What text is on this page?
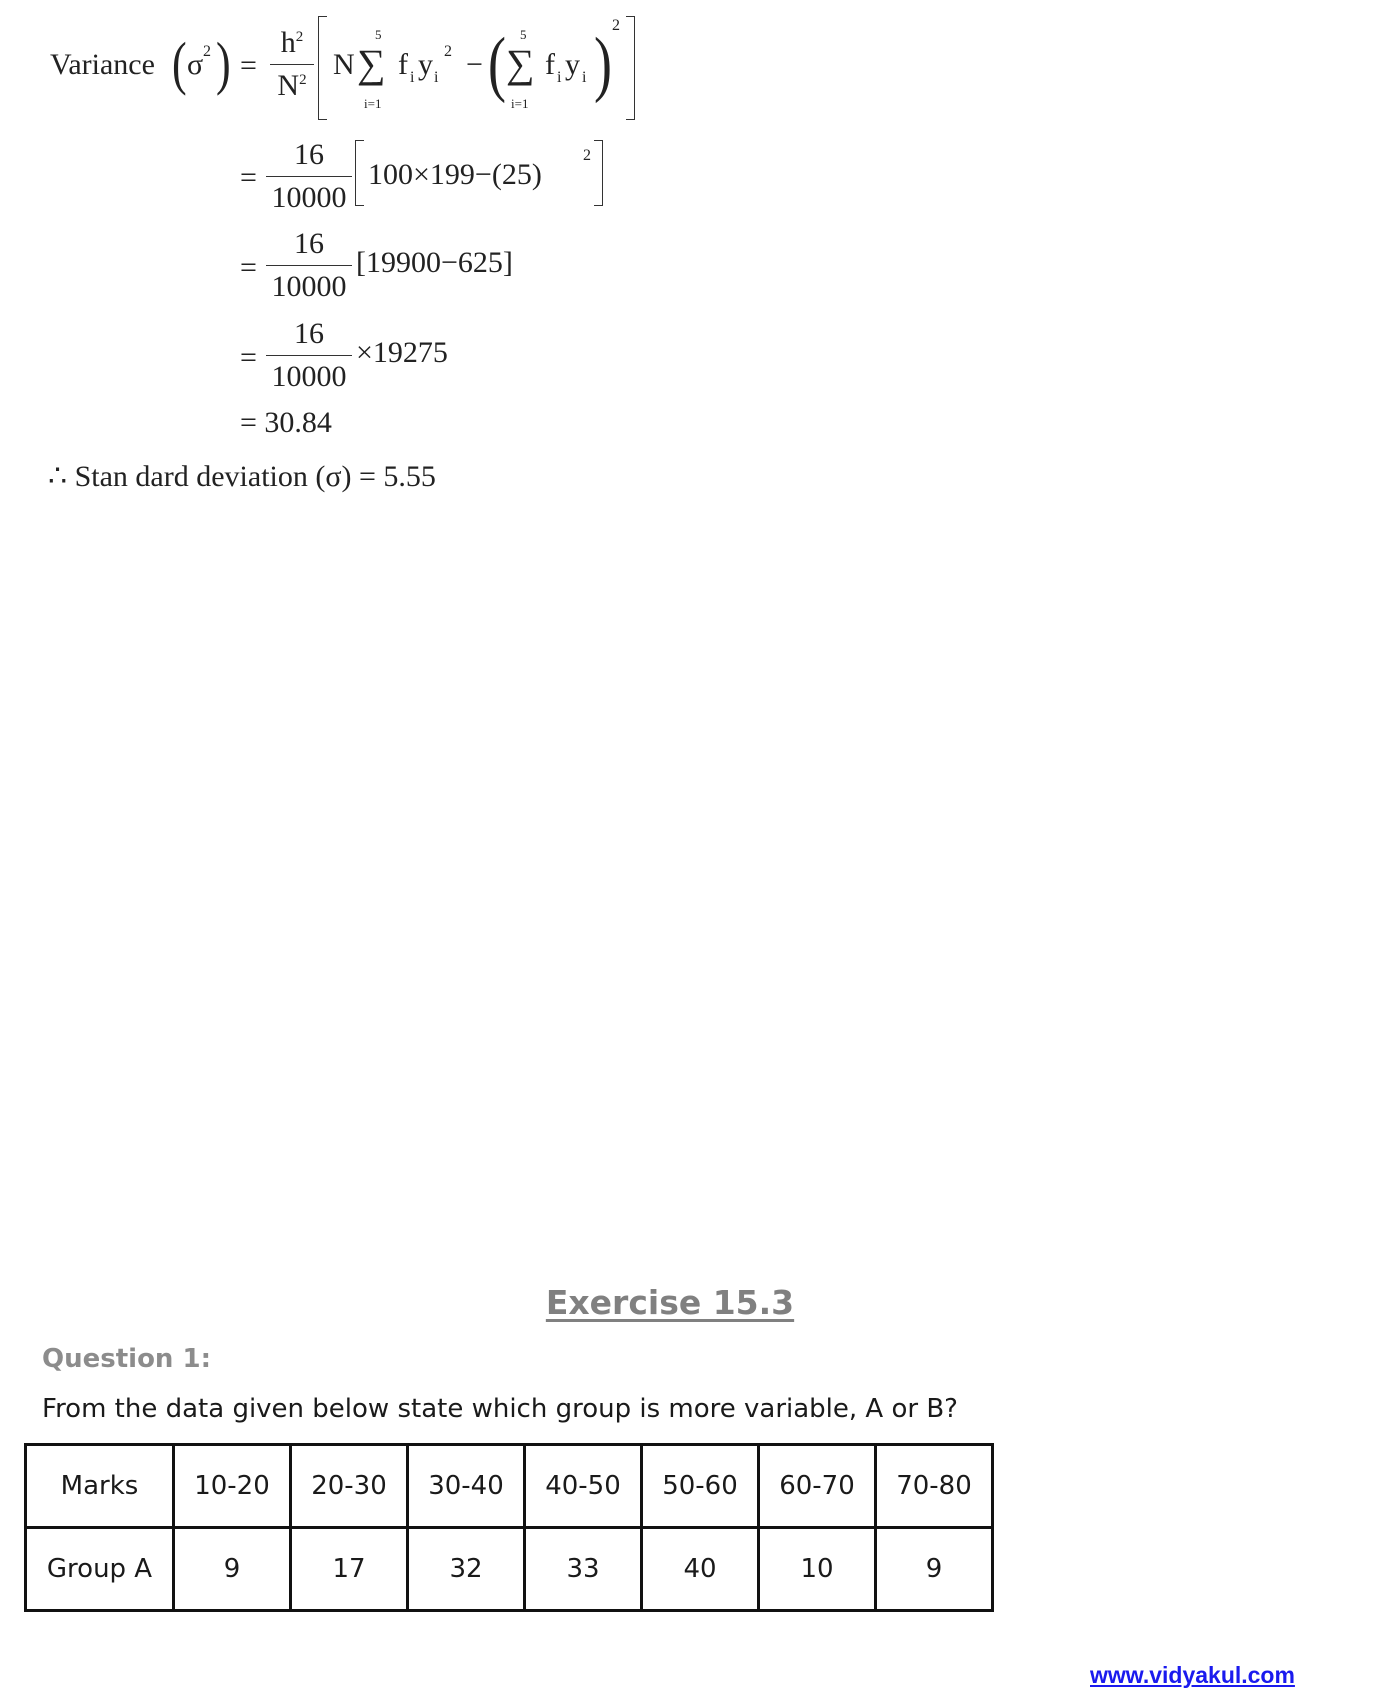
Variance ( σ 2 ) =
$h^2$
$N^2$ N
5
∑
i=1
f i y i
2 − ( 5
∑
i=1
f i y i ) 2
=
16
10000
100×199−(25)
2
=
16
10000
[19900−625]
=
16
10000
×19275
= 30.84
∴ Stan dard deviation (σ) = 5.55
Exercise 15.3
Question 1:
From the data given below state which group is more variable, A or B?
Marks	10-20	20-30	30-40	40-50	50-60	60-70	70-80
Group A	9	17	32	33	40	10	9
www.vidyakul.com
